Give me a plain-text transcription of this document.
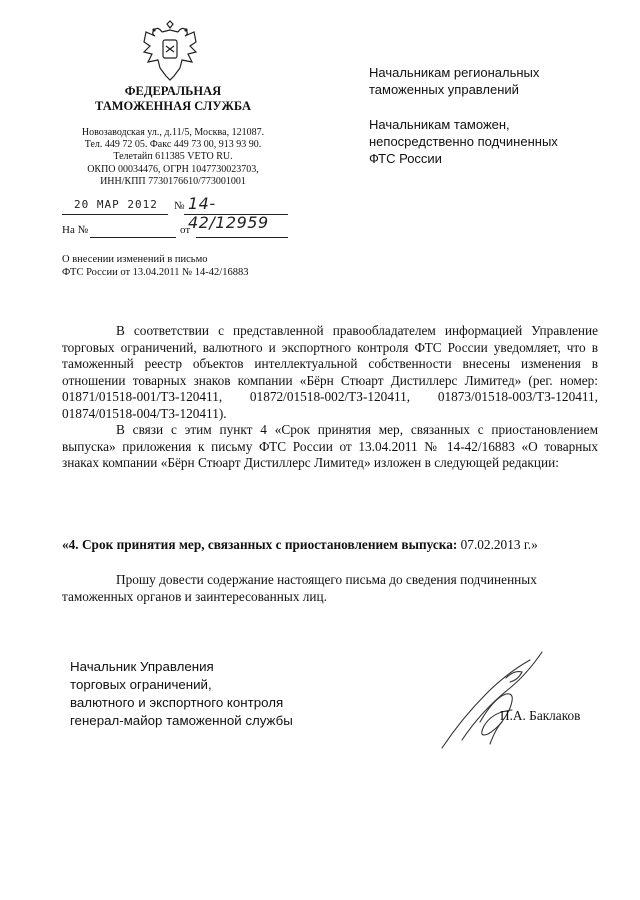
ФЕДЕРАЛЬНАЯ
ТАМОЖЕННАЯ СЛУЖБА
Новозаводская ул., д.11/5, Москва, 121087.
Тел. 449 72 05. Факс 449 73 00, 913 93 90.
Телетайп 611385 VETO RU.
ОКПО 00034476, ОГРН 1047730023703,
ИНН/КПП 7730176610/773001001
20 МАР 2012 № 14-42/12959
На №	от
О внесении изменений в письмо
ФТС России от 13.04.2011 № 14-42/16883

Начальникам региональных
таможенных управлений

Начальникам таможен,
непосредственно подчиненных
ФТС России

В соответствии с представленной правообладателем информацией Управление торговых ограничений, валютного и экспортного контроля ФТС России уведомляет, что в таможенный реестр объектов интеллектуальной собственности внесены изменения в отношении товарных знаков компании «Бёрн Стюарт Дистиллерс Лимитед» (рег. номер: 01871/01518-001/ТЗ-120411, 01872/01518-002/ТЗ-120411, 01873/01518-003/ТЗ-120411, 01874/01518-004/ТЗ-120411).

В связи с этим пункт 4 «Срок принятия мер, связанных с приостановлением выпуска» приложения к письму ФТС России от 13.04.2011 № 14-42/16883 «О товарных знаках компании «Бёрн Стюарт Дистиллерс Лимитед» изложен в следующей редакции:

«4. Срок принятия мер, связанных с приостановлением выпуска: 07.02.2013 г.»

Прошу довести содержание настоящего письма до сведения подчиненных таможенных органов и заинтересованных лиц.

Начальник Управления
торговых ограничений,
валютного и экспортного контроля
генерал-майор таможенной службы	П.А. Баклаков
